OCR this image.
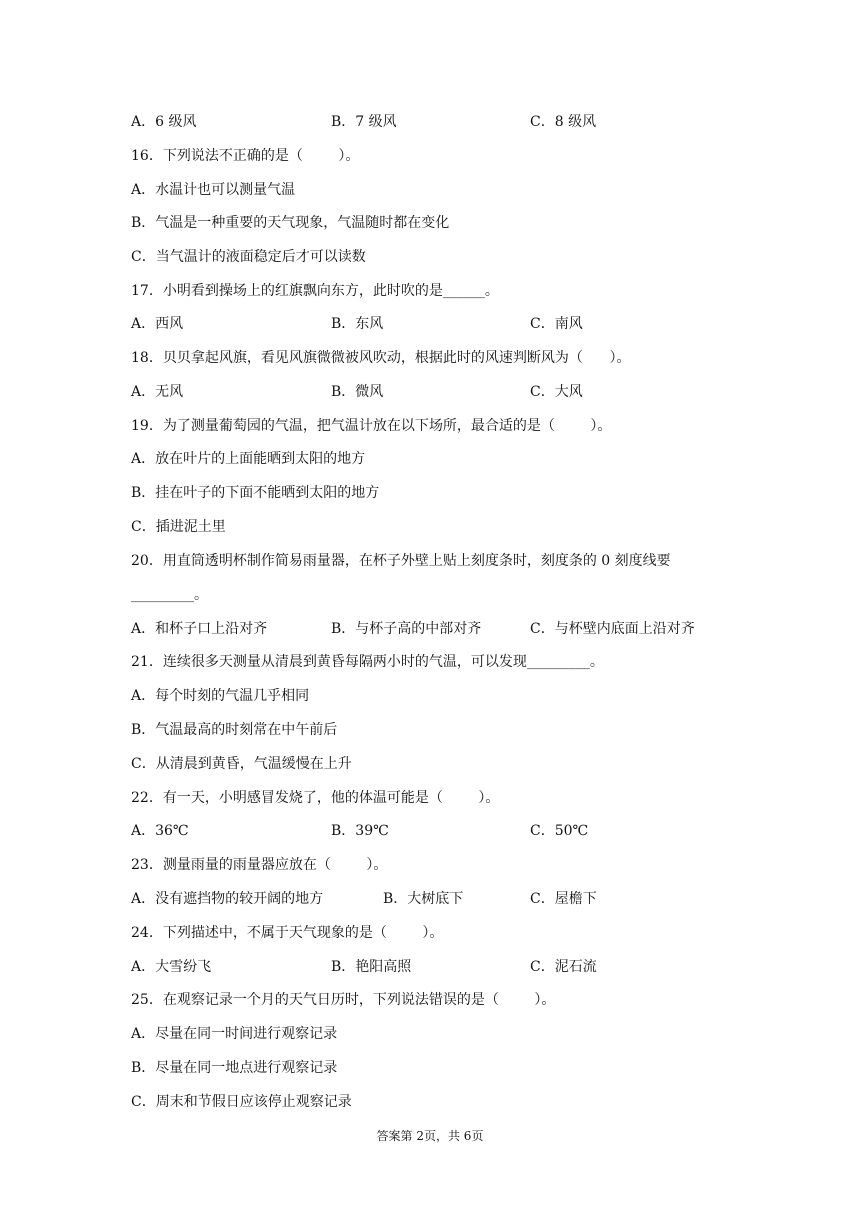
A．6 级风	B．7 级风	C．8 级风
16．下列说法不正确的是（        ）。
A．水温计也可以测量气温
B．气温是一种重要的天气现象，气温随时都在变化
C．当气温计的液面稳定后才可以读数
17．小明看到操场上的红旗飘向东方，此时吹的是______。
A．西风	B．东风	C．南风
18．贝贝拿起风旗，看见风旗微微被风吹动，根据此时的风速判断风为（      ）。
A．无风	B．微风	C．大风
19．为了测量葡萄园的气温，把气温计放在以下场所，最合适的是（        ）。
A．放在叶片的上面能晒到太阳的地方
B．挂在叶子的下面不能晒到太阳的地方
C．插进泥土里
20．用直筒透明杯制作简易雨量器，在杯子外壁上贴上刻度条时，刻度条的 0 刻度线要
_________。
A．和杯子口上沿对齐	B．与杯子高的中部对齐	C．与杯壁内底面上沿对齐
21．连续很多天测量从清晨到黄昏每隔两小时的气温，可以发现_________。
A．每个时刻的气温几乎相同
B．气温最高的时刻常在中午前后
C．从清晨到黄昏，气温缓慢在上升
22．有一天，小明感冒发烧了，他的体温可能是（        ）。
A．36℃	B．39℃	C．50℃
23．测量雨量的雨量器应放在（        ）。
A．没有遮挡物的较开阔的地方	B．大树底下	C．屋檐下
24．下列描述中，不属于天气现象的是（        ）。
A．大雪纷飞	B．艳阳高照	C．泥石流
25．在观察记录一个月的天气日历时，下列说法错误的是（        ）。
A．尽量在同一时间进行观察记录
B．尽量在同一地点进行观察记录
C．周末和节假日应该停止观察记录
答案第 2页，共 6页
